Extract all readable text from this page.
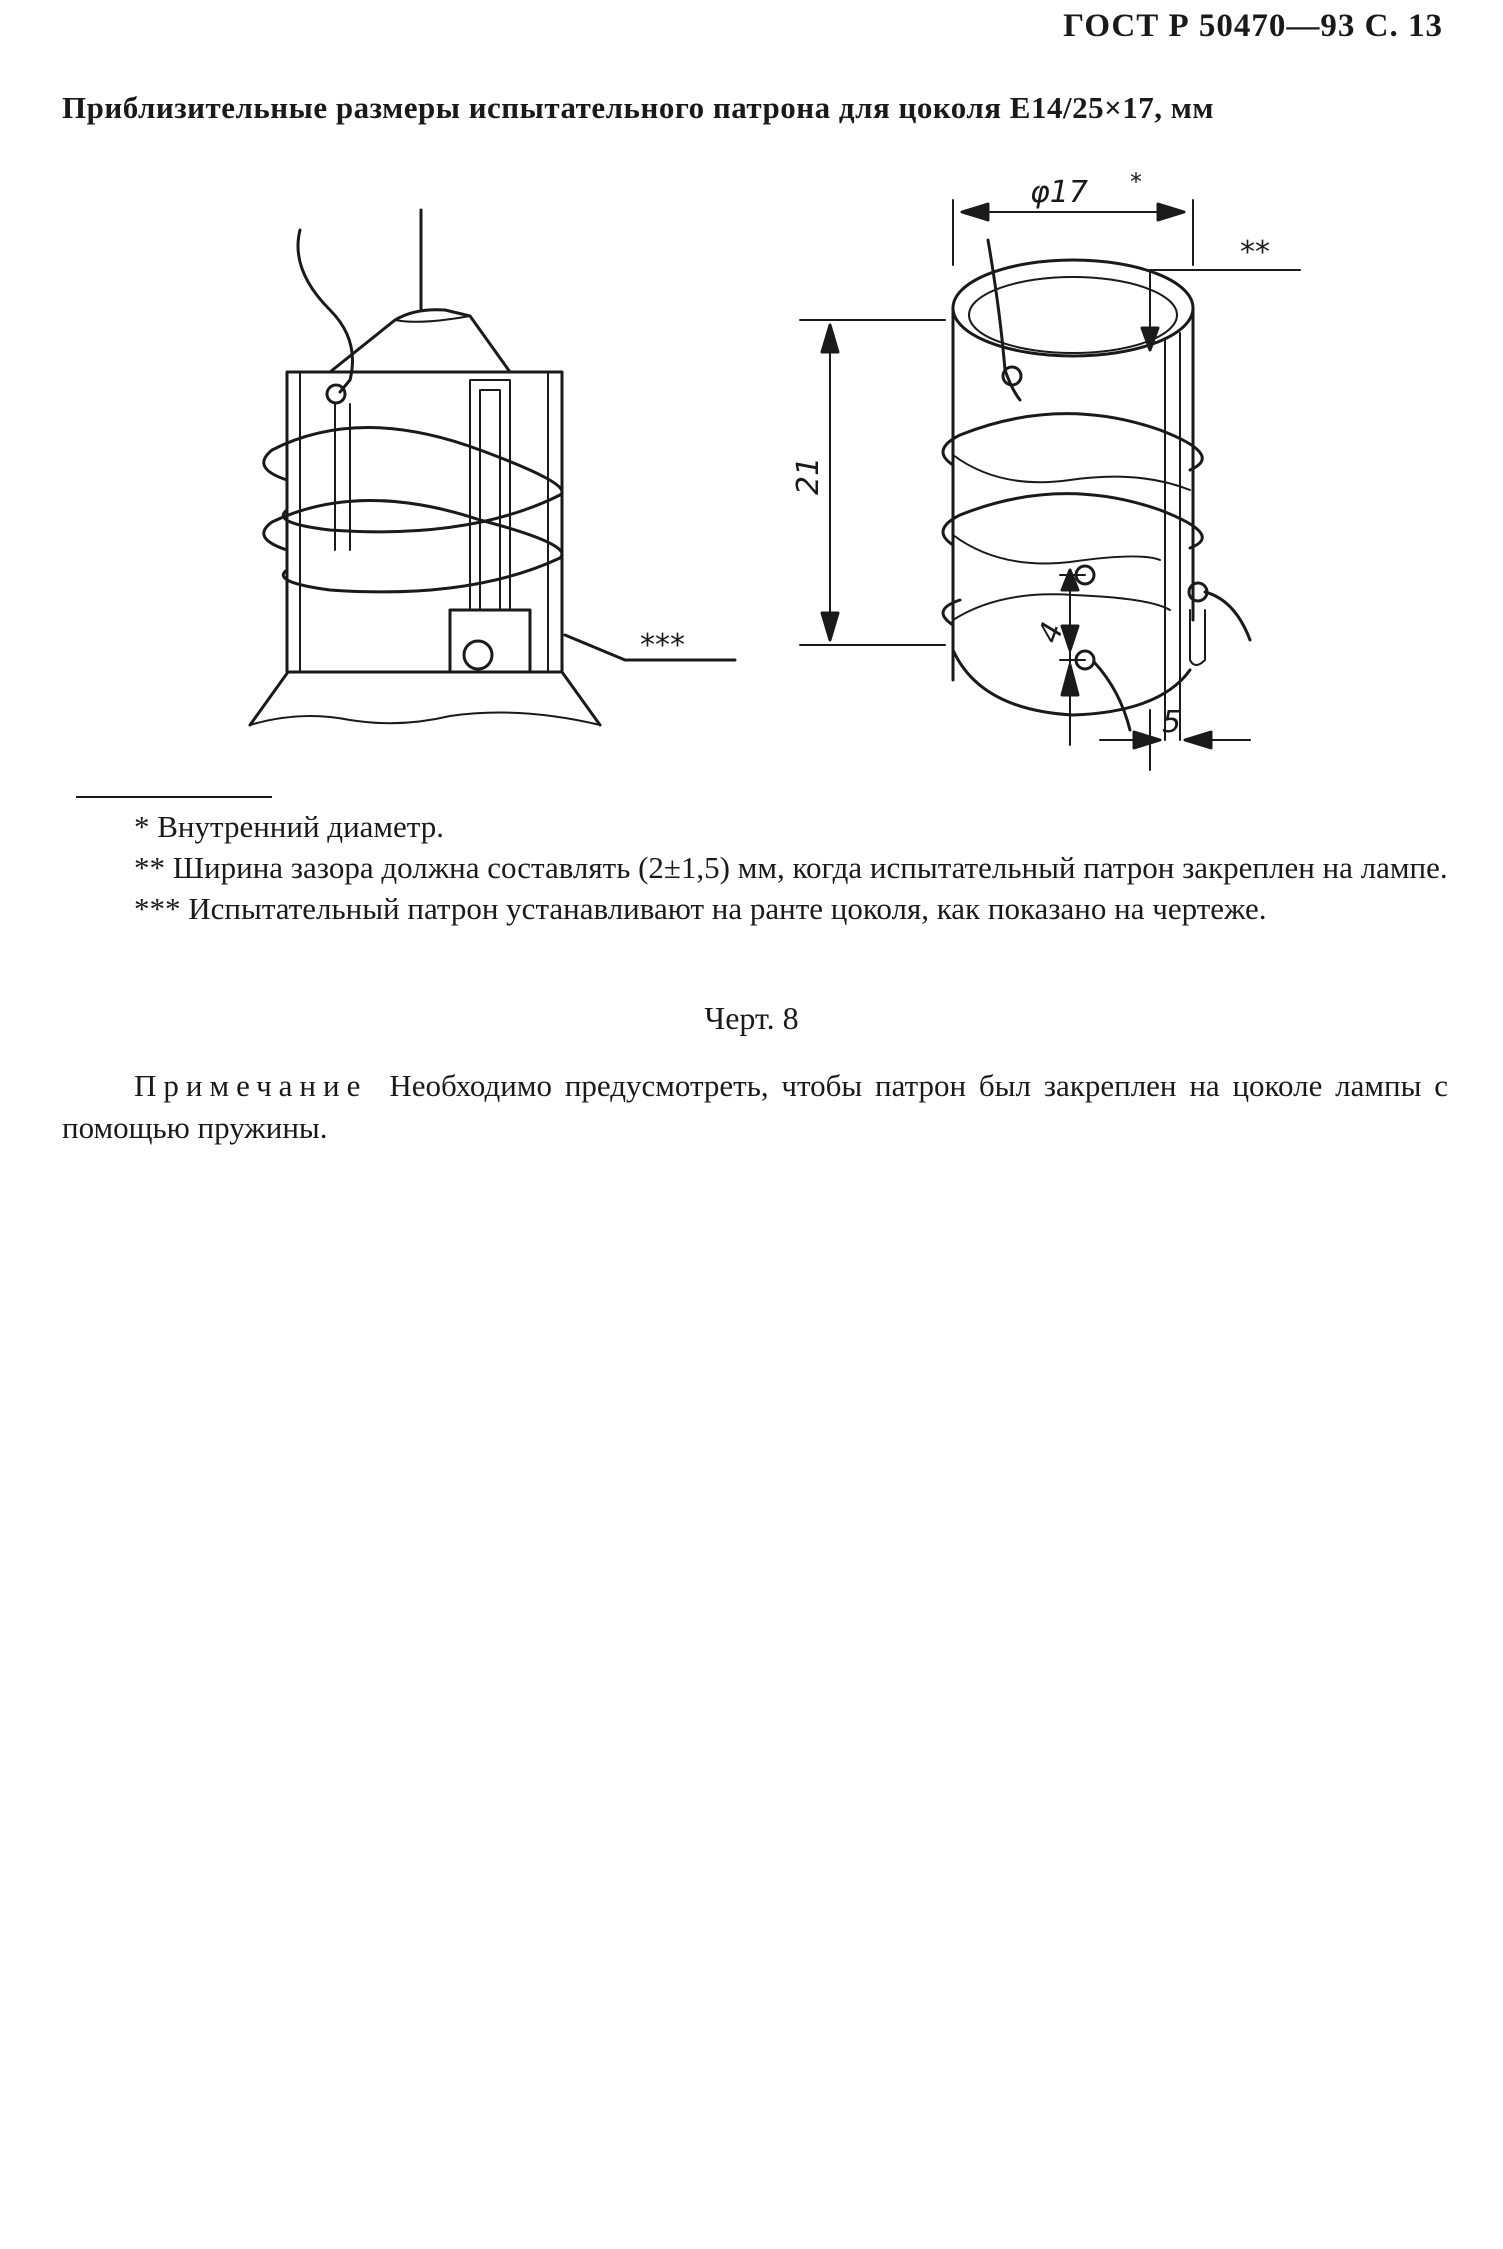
ГОСТ Р 50470—93 С. 13
Приблизительные размеры испытательного патрона для цоколя E14/25×17, мм
φ17 *
**
***
21
4
5

* Внутренний диаметр.

** Ширина зазора должна составлять (2±1,5) мм, когда испытательный патрон закреплен на лампе.

*** Испытательный патрон устанавливают на ранте цоколя, как показано на чертеже.

Черт. 8
Примечание Необходимо предусмотреть, чтобы патрон был закреплен на цоколе лампы с помощью пружины.
